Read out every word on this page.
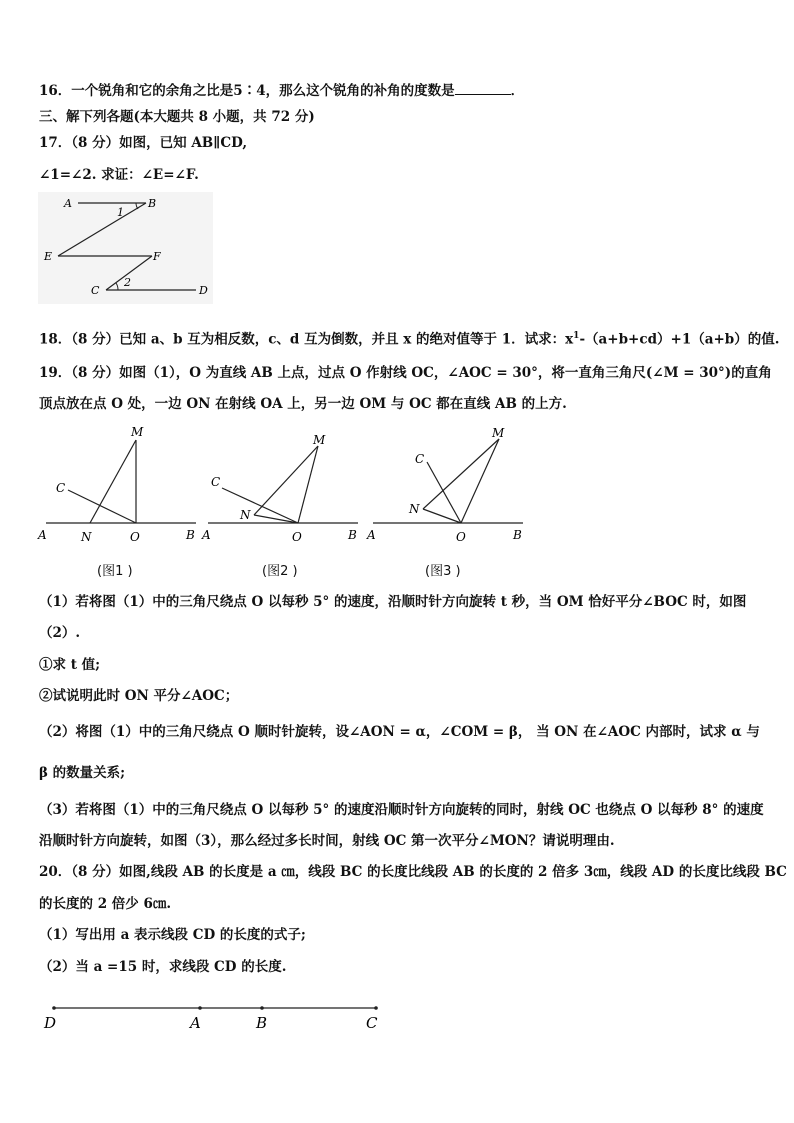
16．一个锐角和它的余角之比是5∶4，那么这个锐角的补角的度数是	．
三、解下列各题(本大题共 8 小题，共 72 分)
17．（8 分）如图，已知 AB∥CD,
∠1=∠2. 求证：∠E=∠F.
A	B
1
E	F
2
C	D
18．（8 分）已知 a、b 互为相反数，c、d 互为倒数，并且 x 的绝对值等于 1．试求：$x^1-(a+b+cd)+1(a+b)$的值.
19．（8 分）如图（1），O 为直线 AB 上点，过点 O 作射线 OC，∠AOC = 30°，将一直角三角尺(∠M = 30°)的直角
顶点放在点 O 处，一边 ON 在射线 OA 上，另一边 OM 与 OC 都在直线 AB 的上方.
M
C
A	N	O	B
(图1 )
M
C
N
A	O	B
(图2 )
M
C
N
A	O	B
(图3 )
（1）若将图（1）中的三角尺绕点 O 以每秒 5° 的速度，沿顺时针方向旋转 t 秒，当 OM 恰好平分∠BOC 时，如图
（2）.
①求 t 值;
②试说明此时 ON 平分∠AOC；
（2）将图（1）中的三角尺绕点 O 顺时针旋转，设∠AON = α，∠COM = β， 当 ON 在∠AOC 内部时，试求 α 与
β 的数量关系;
（3）若将图（1）中的三角尺绕点 O 以每秒 5° 的速度沿顺时针方向旋转的同时，射线 OC 也绕点 O 以每秒 8° 的速度
沿顺时针方向旋转，如图（3），那么经过多长时间，射线 OC 第一次平分∠MON？请说明理由.
20．（8 分）如图,线段 AB 的长度是 a ㎝，线段 BC 的长度比线段 AB 的长度的 2 倍多 3㎝，线段 AD 的长度比线段 BC
的长度的 2 倍少 6㎝.
（1）写出用 a 表示线段 CD 的长度的式子;
（2）当 a =15 时，求线段 CD 的长度.
D	A	B	C
